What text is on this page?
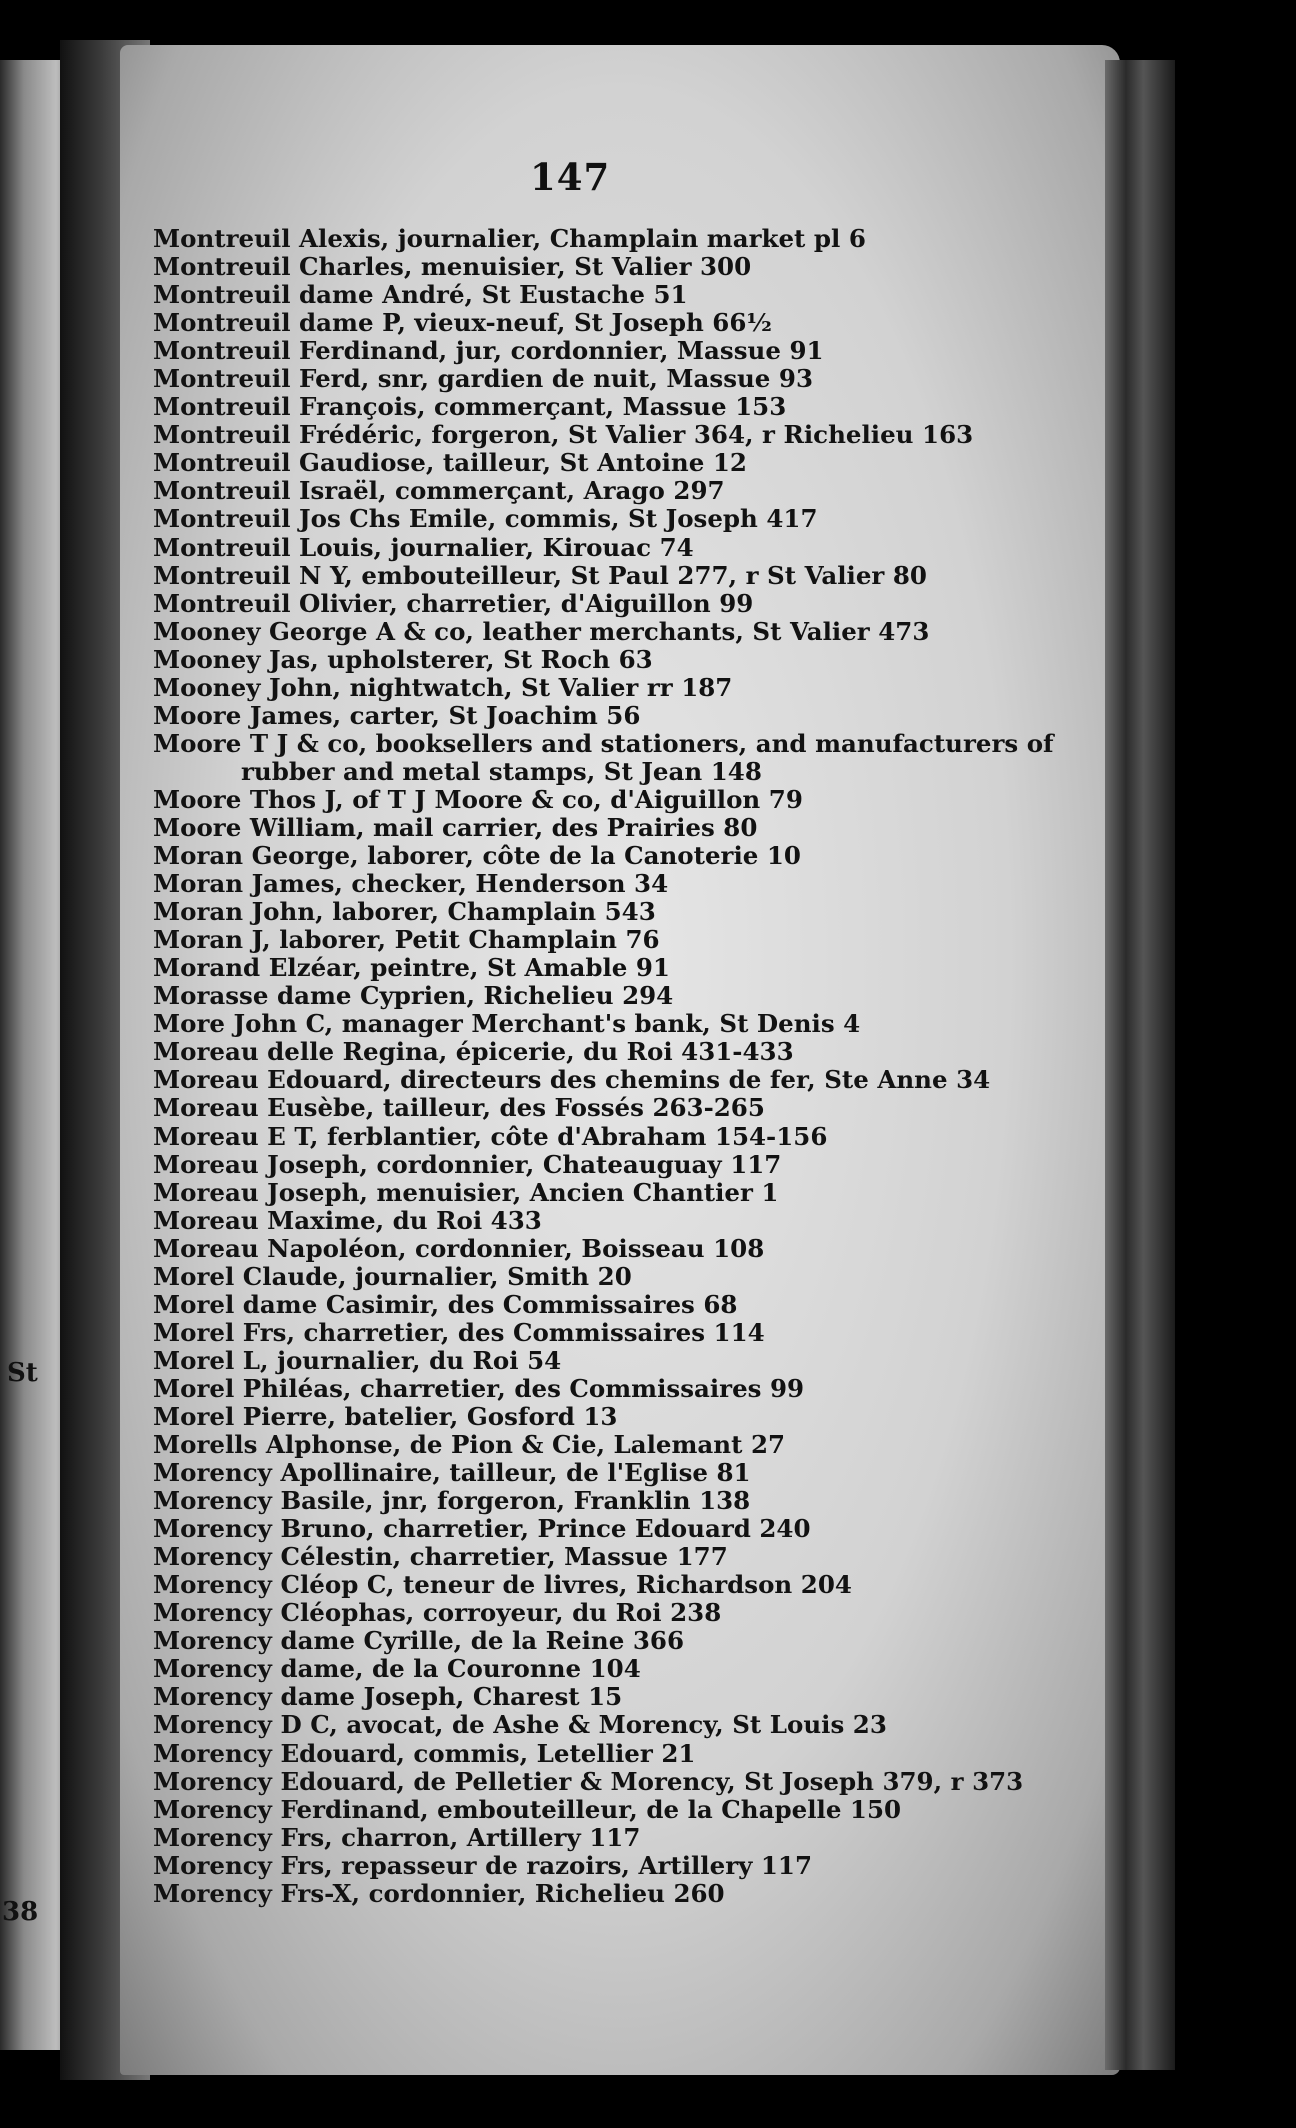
147
Montreuil Alexis, journalier, Champlain market pl 6
Montreuil Charles, menuisier, St Valier 300
Montreuil dame André, St Eustache 51
Montreuil dame P, vieux-neuf, St Joseph 66½
Montreuil Ferdinand, jur, cordonnier, Massue 91
Montreuil Ferd, snr, gardien de nuit, Massue 93
Montreuil François, commerçant, Massue 153
Montreuil Frédéric, forgeron, St Valier 364, r Richelieu 163
Montreuil Gaudiose, tailleur, St Antoine 12
Montreuil Israël, commerçant, Arago 297
Montreuil Jos Chs Emile, commis, St Joseph 417
Montreuil Louis, journalier, Kirouac 74
Montreuil N Y, embouteilleur, St Paul 277, r St Valier 80
Montreuil Olivier, charretier, d'Aiguillon 99
Mooney George A & co, leather merchants, St Valier 473
Mooney Jas, upholsterer, St Roch 63
Mooney John, nightwatch, St Valier rr 187
Moore James, carter, St Joachim 56
Moore T J & co, booksellers and stationers, and manufacturers of
rubber and metal stamps, St Jean 148
Moore Thos J, of T J Moore & co, d'Aiguillon 79
Moore William, mail carrier, des Prairies 80
Moran George, laborer, côte de la Canoterie 10
Moran James, checker, Henderson 34
Moran John, laborer, Champlain 543
Moran J, laborer, Petit Champlain 76
Morand Elzéar, peintre, St Amable 91
Morasse dame Cyprien, Richelieu 294
More John C, manager Merchant's bank, St Denis 4
Moreau delle Regina, épicerie, du Roi 431-433
Moreau Edouard, directeurs des chemins de fer, Ste Anne 34
Moreau Eusèbe, tailleur, des Fossés 263-265
Moreau E T, ferblantier, côte d'Abraham 154-156
Moreau Joseph, cordonnier, Chateauguay 117
Moreau Joseph, menuisier, Ancien Chantier 1
Moreau Maxime, du Roi 433
Moreau Napoléon, cordonnier, Boisseau 108
Morel Claude, journalier, Smith 20
Morel dame Casimir, des Commissaires 68
Morel Frs, charretier, des Commissaires 114
Morel L, journalier, du Roi 54
Morel Philéas, charretier, des Commissaires 99
Morel Pierre, batelier, Gosford 13
Morells Alphonse, de Pion & Cie, Lalemant 27
Morency Apollinaire, tailleur, de l'Eglise 81
Morency Basile, jnr, forgeron, Franklin 138
Morency Bruno, charretier, Prince Edouard 240
Morency Célestin, charretier, Massue 177
Morency Cléop C, teneur de livres, Richardson 204
Morency Cléophas, corroyeur, du Roi 238
Morency dame Cyrille, de la Reine 366
Morency dame, de la Couronne 104
Morency dame Joseph, Charest 15
Morency D C, avocat, de Ashe & Morency, St Louis 23
Morency Edouard, commis, Letellier 21
Morency Edouard, de Pelletier & Morency, St Joseph 379, r 373
Morency Ferdinand, embouteilleur, de la Chapelle 150
Morency Frs, charron, Artillery 117
Morency Frs, repasseur de razoirs, Artillery 117
Morency Frs-X, cordonnier, Richelieu 260
St
38
